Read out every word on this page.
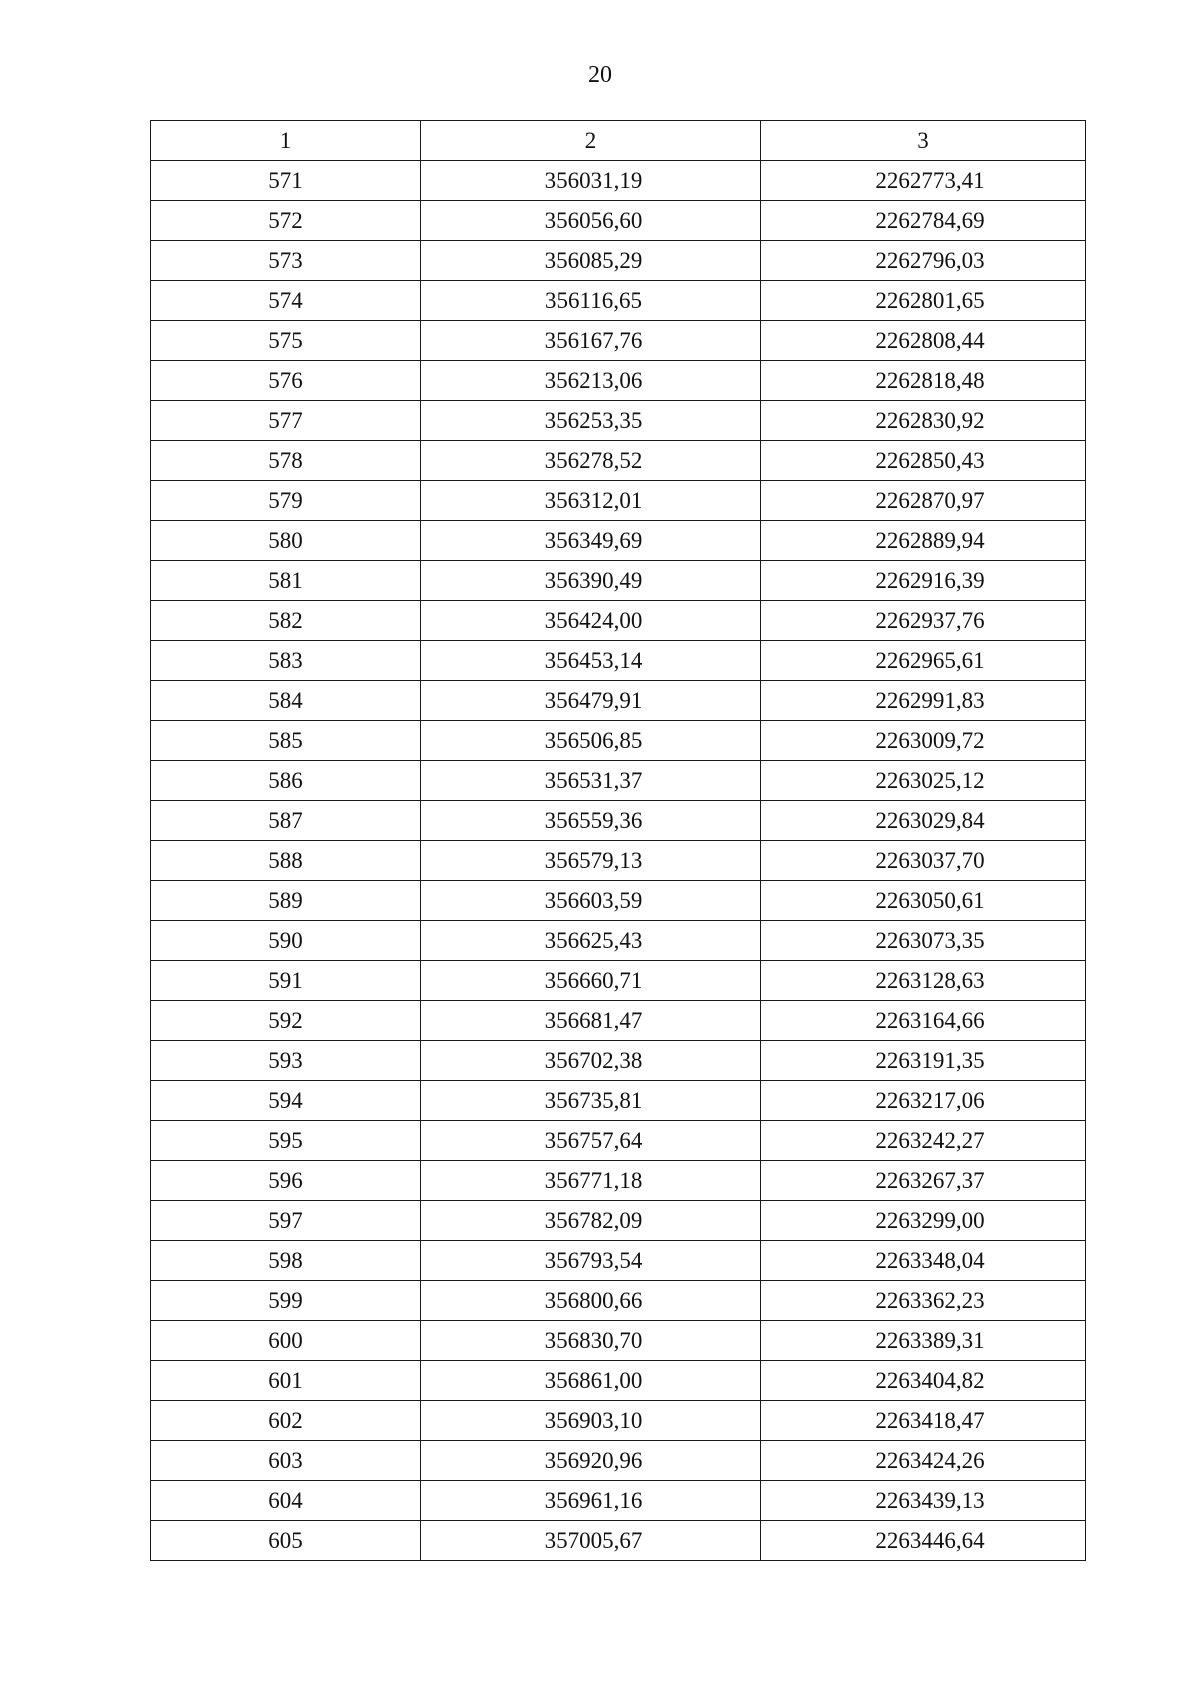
20
1	2	3
571	356031,19	2262773,41
572	356056,60	2262784,69
573	356085,29	2262796,03
574	356116,65	2262801,65
575	356167,76	2262808,44
576	356213,06	2262818,48
577	356253,35	2262830,92
578	356278,52	2262850,43
579	356312,01	2262870,97
580	356349,69	2262889,94
581	356390,49	2262916,39
582	356424,00	2262937,76
583	356453,14	2262965,61
584	356479,91	2262991,83
585	356506,85	2263009,72
586	356531,37	2263025,12
587	356559,36	2263029,84
588	356579,13	2263037,70
589	356603,59	2263050,61
590	356625,43	2263073,35
591	356660,71	2263128,63
592	356681,47	2263164,66
593	356702,38	2263191,35
594	356735,81	2263217,06
595	356757,64	2263242,27
596	356771,18	2263267,37
597	356782,09	2263299,00
598	356793,54	2263348,04
599	356800,66	2263362,23
600	356830,70	2263389,31
601	356861,00	2263404,82
602	356903,10	2263418,47
603	356920,96	2263424,26
604	356961,16	2263439,13
605	357005,67	2263446,64
